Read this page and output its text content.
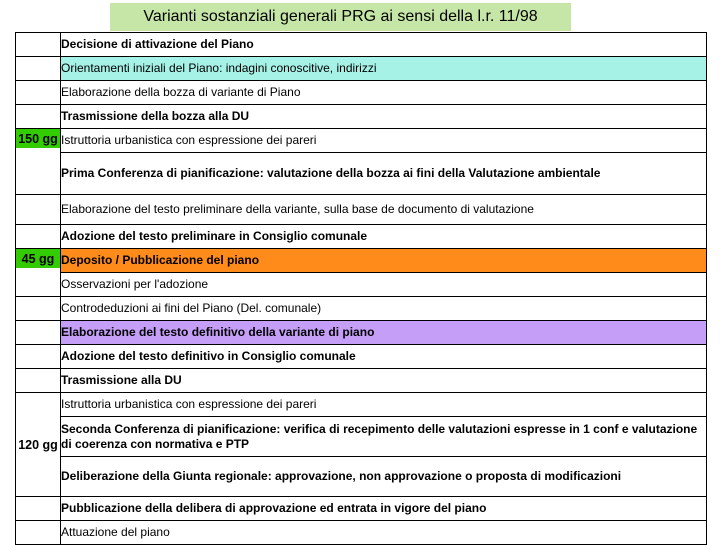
Varianti sostanziali generali PRG ai sensi della l.r. 11/98
	Decisione di attivazione del Piano
	Orientamenti iniziali del Piano: indagini conoscitive, indirizzi
	Elaborazione della bozza di variante di Piano
	Trasmissione della bozza alla DU

150 gg	Istruttoria urbanistica con espressione dei pareri
	Prima Conferenza di pianificazione: valutazione della bozza ai fini della Valutazione ambientale
	Elaborazione del testo preliminare della variante, sulla base de documento di valutazione
	Adozione del testo preliminare in Consiglio comunale

45 gg	Deposito / Pubblicazione del piano
	Osservazioni per l'adozione
	Controdeduzioni ai fini del Piano (Del. comunale)
	Elaborazione del testo definitivo della variante di piano
	Adozione del testo definitivo in Consiglio comunale
	Trasmissione alla DU

120 gg	Istruttoria urbanistica con espressione dei pareri
	Seconda Conferenza di pianificazione: verifica di recepimento delle valutazioni espresse in 1 conf e valutazione di coerenza con normativa e PTP
	Deliberazione della Giunta regionale: approvazione, non approvazione o proposta di modificazioni
	Pubblicazione della delibera di approvazione ed entrata in vigore del piano
	Attuazione del piano
